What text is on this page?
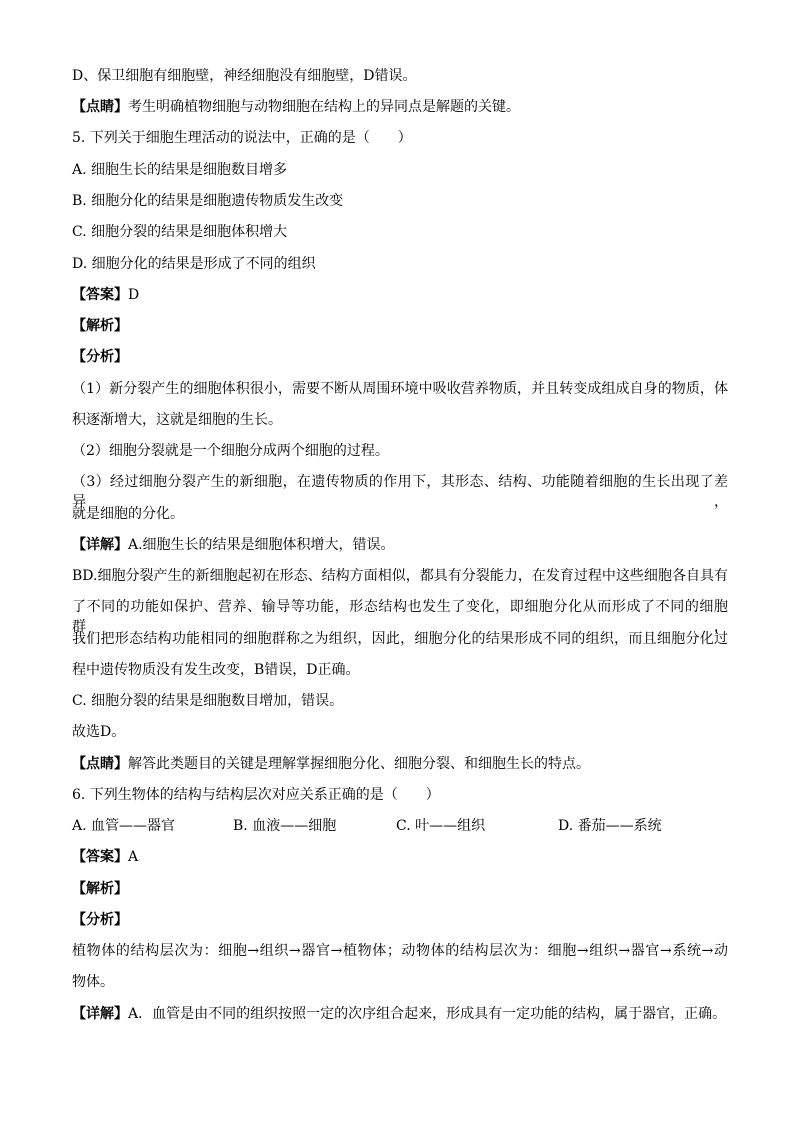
D、保卫细胞有细胞壁，神经细胞没有细胞壁，D错误。
【点睛】考生明确植物细胞与动物细胞在结构上的异同点是解题的关键。
5. 下列关于细胞生理活动的说法中，正确的是（　　）
A. 细胞生长的结果是细胞数目增多
B. 细胞分化的结果是细胞遗传物质发生改变
C. 细胞分裂的结果是细胞体积增大
D. 细胞分化的结果是形成了不同的组织
【答案】D
【解析】
【分析】
（1）新分裂产生的细胞体积很小，需要不断从周围环境中吸收营养物质，并且转变成组成自身的物质，体
积逐渐增大，这就是细胞的生长。
（2）细胞分裂就是一个细胞分成两个细胞的过程。
（3）经过细胞分裂产生的新细胞，在遗传物质的作用下，其形态、结构、功能随着细胞的生长出现了差异，
就是细胞的分化。
【详解】A.细胞生长的结果是细胞体积增大，错误。
BD.细胞分裂产生的新细胞起初在形态、结构方面相似，都具有分裂能力，在发育过程中这些细胞各自具有
了不同的功能如保护、营养、输导等功能，形态结构也发生了变化，即细胞分化从而形成了不同的细胞群，
我们把形态结构功能相同的细胞群称之为组织，因此，细胞分化的结果形成不同的组织，而且细胞分化过
程中遗传物质没有发生改变，B错误，D正确。
C. 细胞分裂的结果是细胞数目增加，错误。
故选D。
【点睛】解答此类题目的关键是理解掌握细胞分化、细胞分裂、和细胞生长的特点。
6. 下列生物体的结构与结构层次对应关系正确的是（　　）
A. 血管——器官	B. 血液——细胞	C. 叶——组织	D. 番茄——系统
【答案】A
【解析】
【分析】
植物体的结构层次为：细胞→组织→器官→植物体；动物体的结构层次为：细胞→组织→器官→系统→动
物体。
【详解】A．血管是由不同的组织按照一定的次序组合起来，形成具有一定功能的结构，属于器官，正确。
